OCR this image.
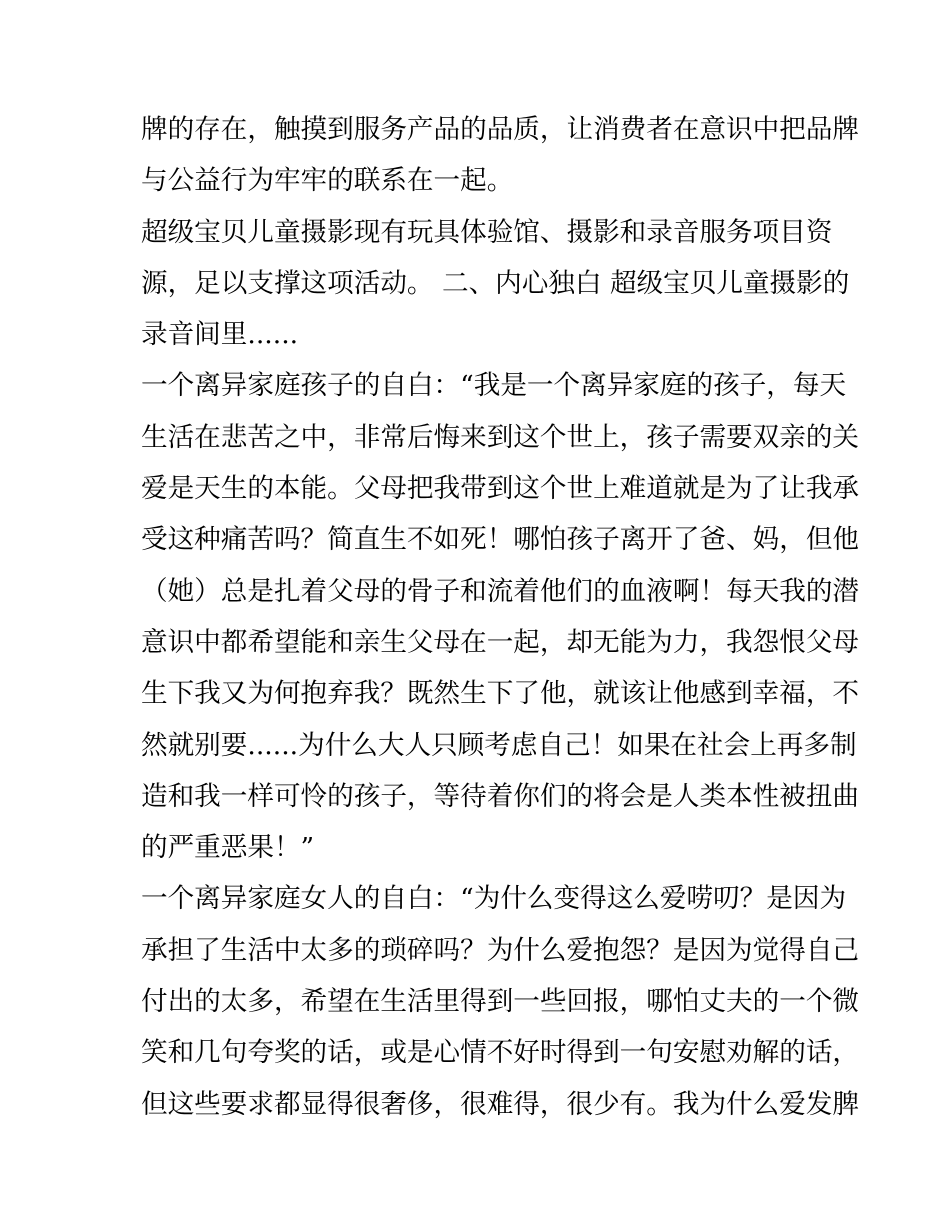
牌的存在，触摸到服务产品的品质，让消费者在意识中把品牌
与公益行为牢牢的联系在一起。
超级宝贝儿童摄影现有玩具体验馆、摄影和录音服务项目资
源，足以支撑这项活动。 二、内心独白 超级宝贝儿童摄影的
录音间里......
一个离异家庭孩子的自白：“我是一个离异家庭的孩子，每天
生活在悲苦之中，非常后悔来到这个世上，孩子需要双亲的关
爱是天生的本能。父母把我带到这个世上难道就是为了让我承
受这种痛苦吗？简直生不如死！哪怕孩子离开了爸、妈，但他
（她）总是扎着父母的骨子和流着他们的血液啊！每天我的潜
意识中都希望能和亲生父母在一起，却无能为力，我怨恨父母
生下我又为何抱弃我？既然生下了他，就该让他感到幸福，不
然就别要......为什么大人只顾考虑自己！如果在社会上再多制
造和我一样可怜的孩子，等待着你们的将会是人类本性被扭曲
的严重恶果！”
一个离异家庭女人的自白：“为什么变得这么爱唠叨？是因为
承担了生活中太多的琐碎吗？为什么爱抱怨？是因为觉得自己
付出的太多，希望在生活里得到一些回报，哪怕丈夫的一个微
笑和几句夸奖的话，或是心情不好时得到一句安慰劝解的话，
但这些要求都显得很奢侈，很难得，很少有。我为什么爱发脾
